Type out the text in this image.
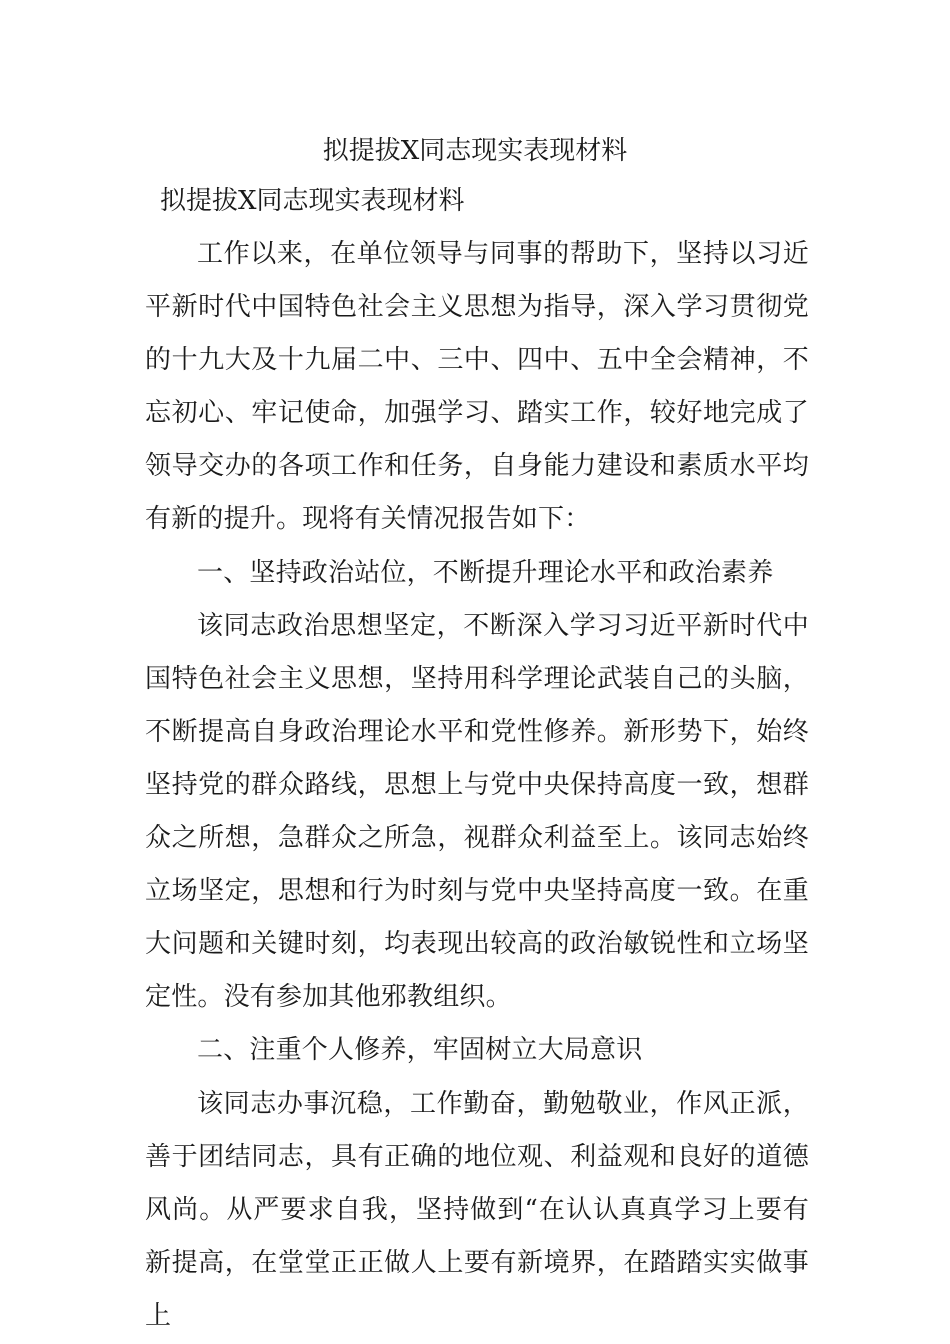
拟提拔X同志现实表现材料
拟提拔X同志现实表现材料

工作以来，在单位领导与同事的帮助下，坚持以习近平新时代中国特色社会主义思想为指导，深入学习贯彻党的十九大及十九届二中、三中、四中、五中全会精神，不忘初心、牢记使命，加强学习、踏实工作，较好地完成了领导交办的各项工作和任务，自身能力建设和素质水平均有新的提升。现将有关情况报告如下：

一、坚持政治站位，不断提升理论水平和政治素养

该同志政治思想坚定，不断深入学习习近平新时代中国特色社会主义思想，坚持用科学理论武装自己的头脑，不断提高自身政治理论水平和党性修养。新形势下，始终坚持党的群众路线，思想上与党中央保持高度一致，想群众之所想，急群众之所急，视群众利益至上。该同志始终立场坚定，思想和行为时刻与党中央坚持高度一致。在重大问题和关键时刻，均表现出较高的政治敏锐性和立场坚定性。没有参加其他邪教组织。

二、注重个人修养，牢固树立大局意识

该同志办事沉稳，工作勤奋，勤勉敬业，作风正派，善于团结同志，具有正确的地位观、利益观和良好的道德风尚。从严要求自我，坚持做到“在认认真真学习上要有新提高，在堂堂正正做人上要有新境界，在踏踏实实做事上
